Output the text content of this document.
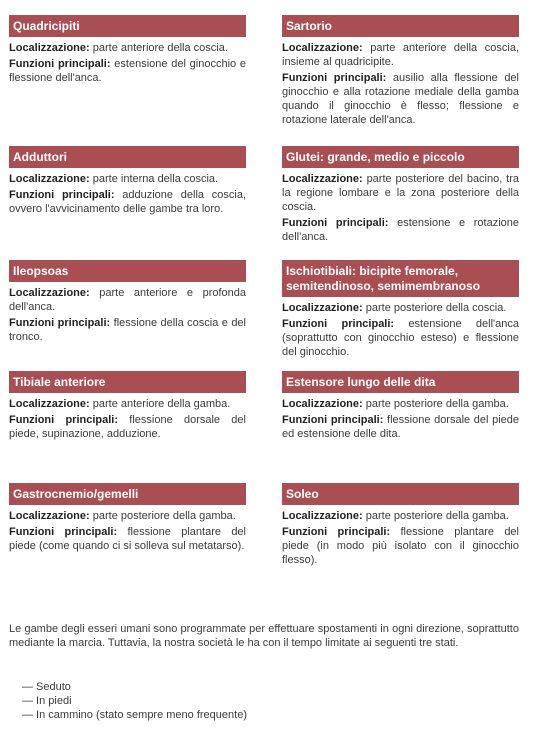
Quadricipiti

Localizzazione: parte anteriore della coscia.

Funzioni principali: estensione del ginocchio e flessione dell'anca.

Sartorio

Localizzazione: parte anteriore della coscia, insieme al quadricipite.

Funzioni principali: ausilio alla flessione del ginocchio e alla rotazione mediale della gamba quando il ginocchio è flesso; flessione e rotazione laterale dell'anca.

Adduttori

Localizzazione: parte interna della coscia.

Funzioni principali: adduzione della coscia, ovvero l'avvicinamento delle gambe tra loro.

Glutei: grande, medio e piccolo

Localizzazione: parte posteriore del bacino, tra la regione lombare e la zona posteriore della coscia.

Funzioni principali: estensione e rotazione dell'anca.

Ileopsoas

Localizzazione: parte anteriore e profonda dell'anca.

Funzioni principali: flessione della coscia e del tronco.

Ischiotibiali: bicipite femorale, semitendinoso, semimembranoso

Localizzazione: parte posteriore della coscia.

Funzioni principali: estensione dell'anca (soprattutto con ginocchio esteso) e flessione del ginocchio.

Tibiale anteriore

Localizzazione: parte anteriore della gamba.

Funzioni principali: flessione dorsale del piede, supinazione, adduzione.

Estensore lungo delle dita

Localizzazione: parte posteriore della gamba.

Funzioni principali: flessione dorsale del piede ed estensione delle dita.

Gastrocnemio/gemelli

Localizzazione: parte posteriore della gamba.

Funzioni principali: flessione plantare del piede (come quando ci si solleva sul metatarso).

Soleo

Localizzazione: parte posteriore della gamba.

Funzioni principali: flessione plantare del piede (in modo più isolato con il ginocchio flesso).

Le gambe degli esseri umani sono programmate per effettuare spostamenti in ogni direzione, soprattutto mediante la marcia. Tuttavia, la nostra società le ha con il tempo limitate ai seguenti tre stati.

— Seduto
— In piedi
— In cammino (stato sempre meno frequente)
